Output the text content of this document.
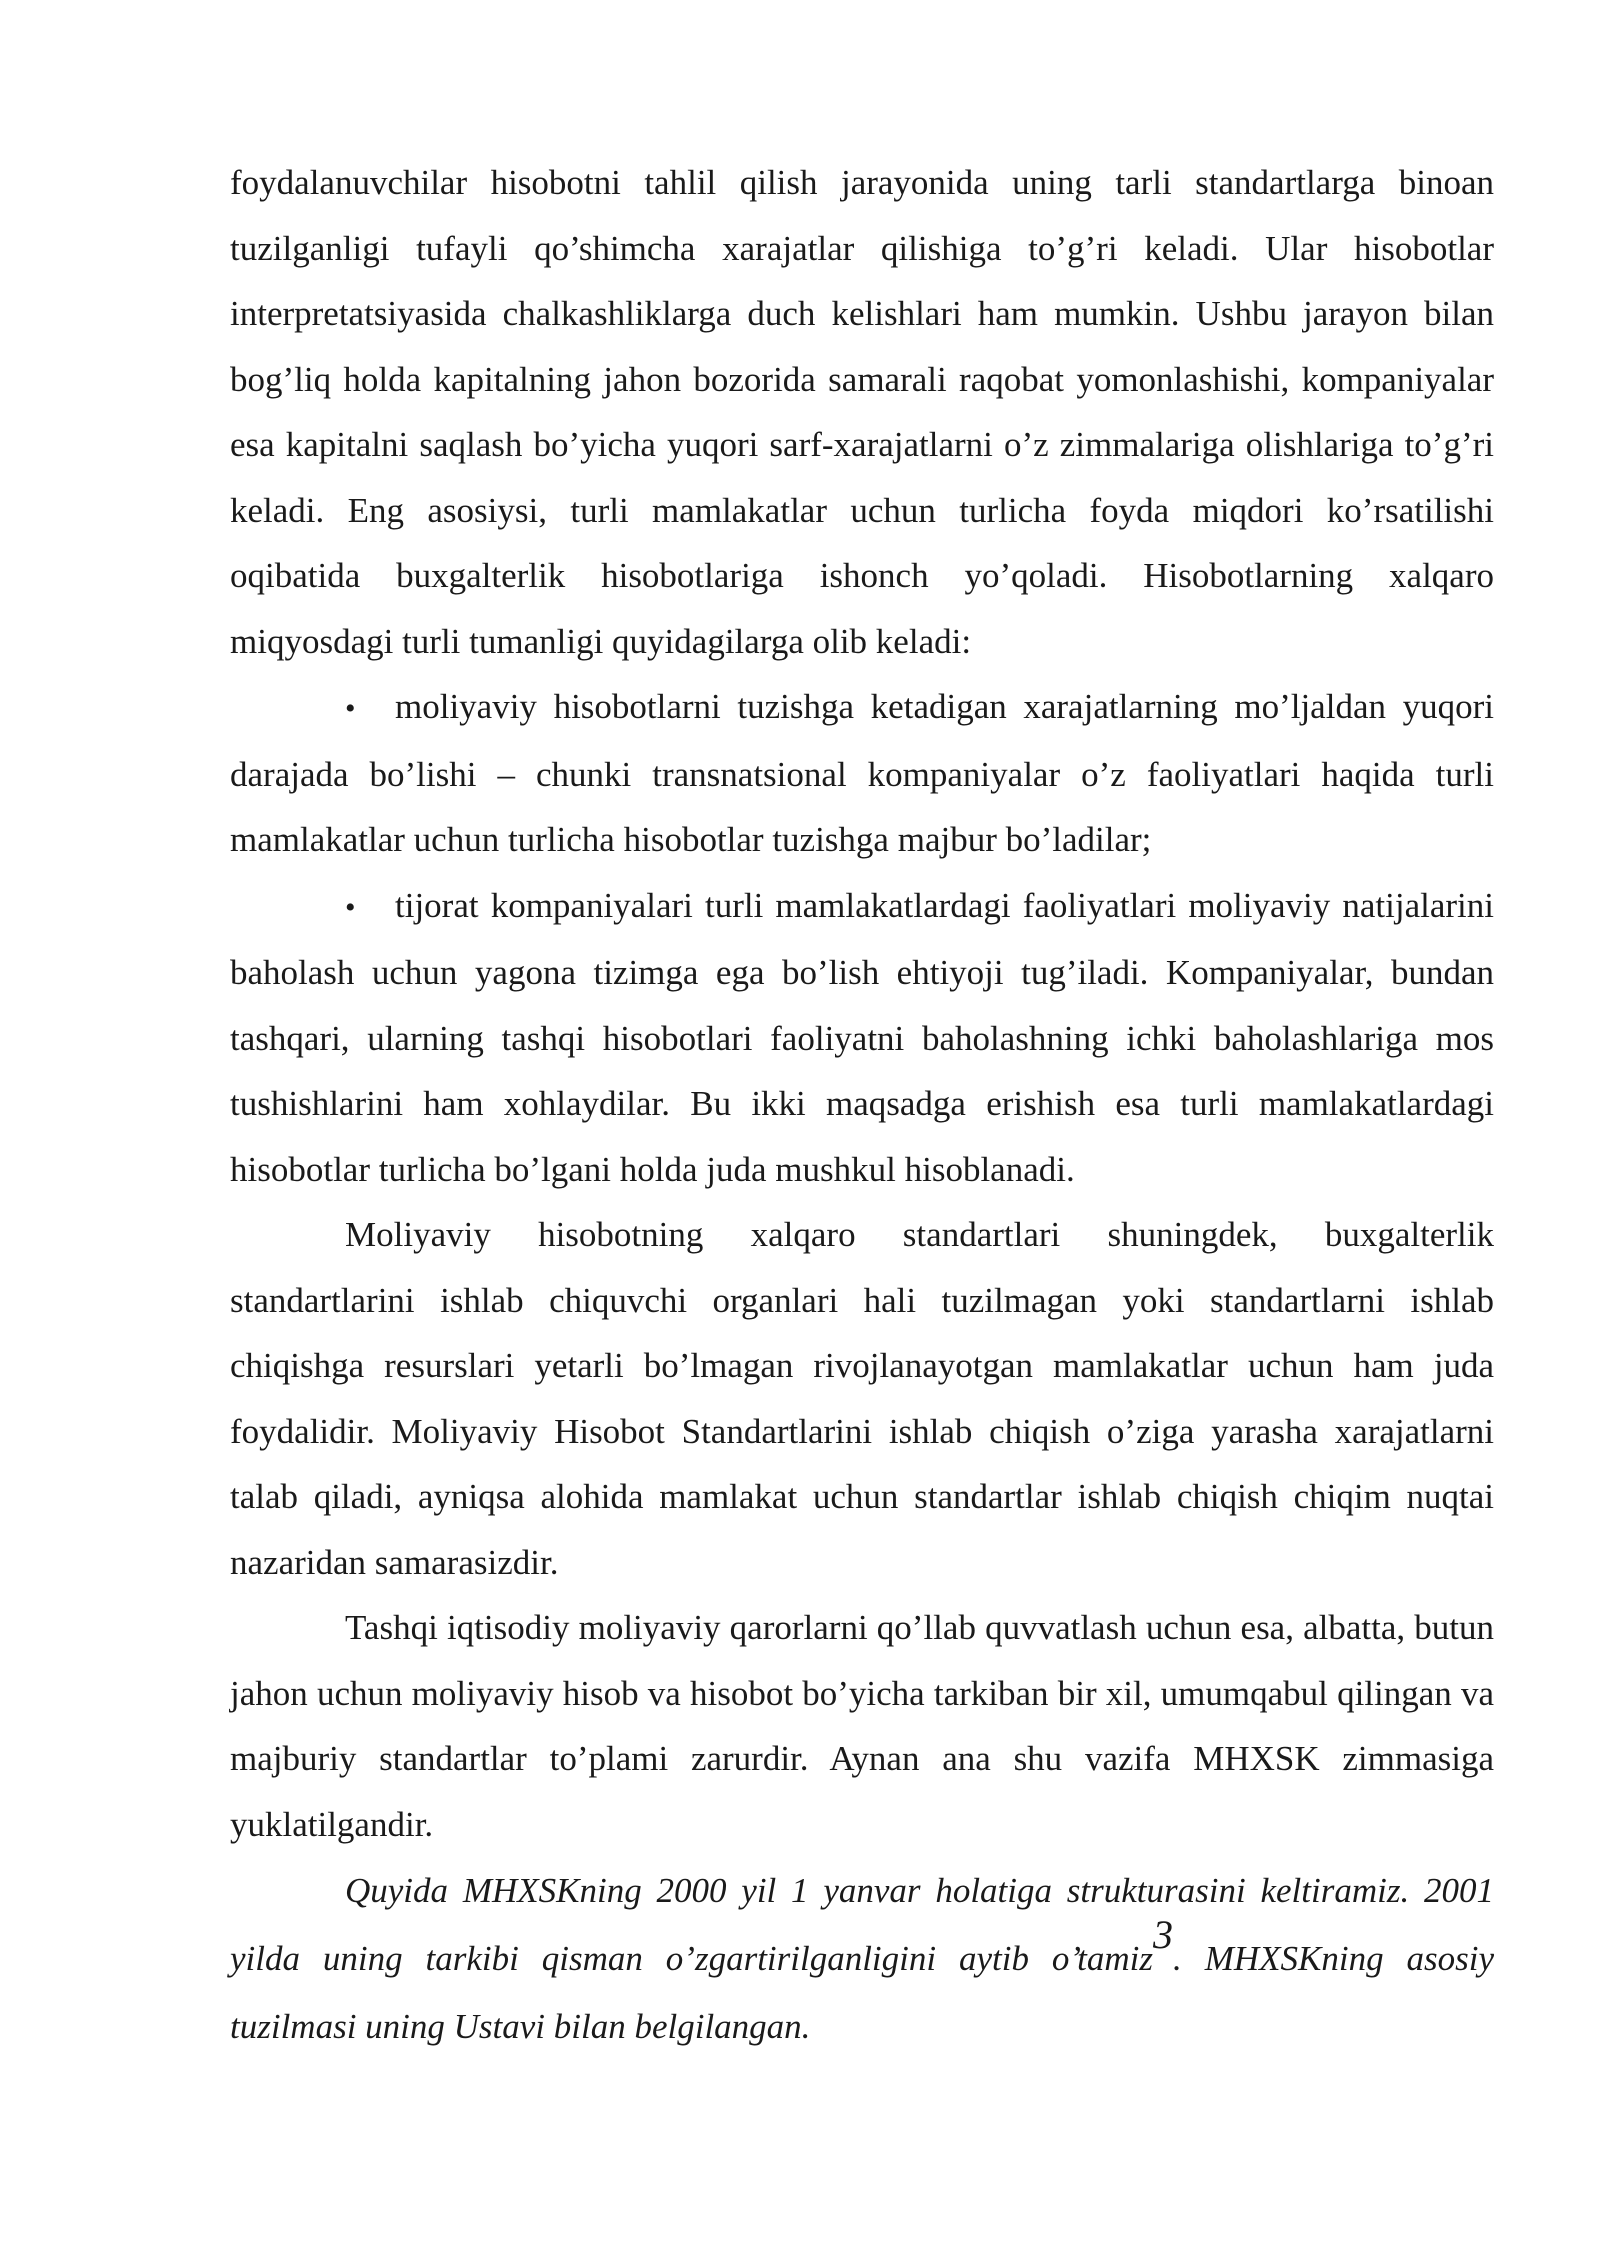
foydalanuvchilar hisobotni tahlil qilish jarayonida uning tarli standartlarga binoan tuzilganligi tufayli qo’shimcha xarajatlar qilishiga to’g’ri keladi. Ular hisobotlar interpretatsiyasida chalkashliklarga duch kelishlari ham mumkin. Ushbu jarayon bilan bog’liq holda kapitalning jahon bozorida samarali raqobat yomonlashishi, kompaniyalar esa kapitalni saqlash bo’yicha yuqori sarf-xarajatlarni o’z zimmalariga olishlariga to’g’ri keladi. Eng asosiysi, turli mamlakatlar uchun turlicha foyda miqdori ko’rsatilishi oqibatida buxgalterlik hisobotlariga ishonch yo’qoladi. Hisobotlarning xalqaro miqyosdagi turli tumanligi quyidagilarga olib keladi:

• moliyaviy hisobotlarni tuzishga ketadigan xarajatlarning mo’ljaldan yuqori darajada bo’lishi – chunki transnatsional kompaniyalar o’z faoliyatlari haqida turli mamlakatlar uchun turlicha hisobotlar tuzishga majbur bo’ladilar;

• tijorat kompaniyalari turli mamlakatlardagi faoliyatlari moliyaviy natijalarini baholash uchun yagona tizimga ega bo’lish ehtiyoji tug’iladi. Kompaniyalar, bundan tashqari, ularning tashqi hisobotlari faoliyatni baholashning ichki baholashlariga mos tushishlarini ham xohlaydilar. Bu ikki maqsadga erishish esa turli mamlakatlardagi hisobotlar turlicha bo’lgani holda juda mushkul hisoblanadi.

Moliyaviy hisobotning xalqaro standartlari shuningdek, buxgalterlik standartlarini ishlab chiquvchi organlari hali tuzilmagan yoki standartlarni ishlab chiqishga resurslari yetarli bo’lmagan rivojlanayotgan mamlakatlar uchun ham juda foydalidir. Moliyaviy Hisobot Standartlarini ishlab chiqish o’ziga yarasha xarajatlarni talab qiladi, ayniqsa alohida mamlakat uchun standartlar ishlab chiqish chiqim nuqtai nazaridan samarasizdir.

Tashqi iqtisodiy moliyaviy qarorlarni qo’llab quvvatlash uchun esa, albatta, butun jahon uchun moliyaviy hisob va hisobot bo’yicha tarkiban bir xil, umumqabul qilingan va majburiy standartlar to’plami zarurdir. Aynan ana shu vazifa MHXSK zimmasiga yuklatilgandir.

Quyida MHXSKning 2000 yil 1 yanvar holatiga strukturasini keltiramiz. 2001 yilda uning tarkibi qisman o’zgartirilganligini aytib o’tamiz3. MHXSKning asosiy tuzilmasi uning Ustavi bilan belgilangan.
